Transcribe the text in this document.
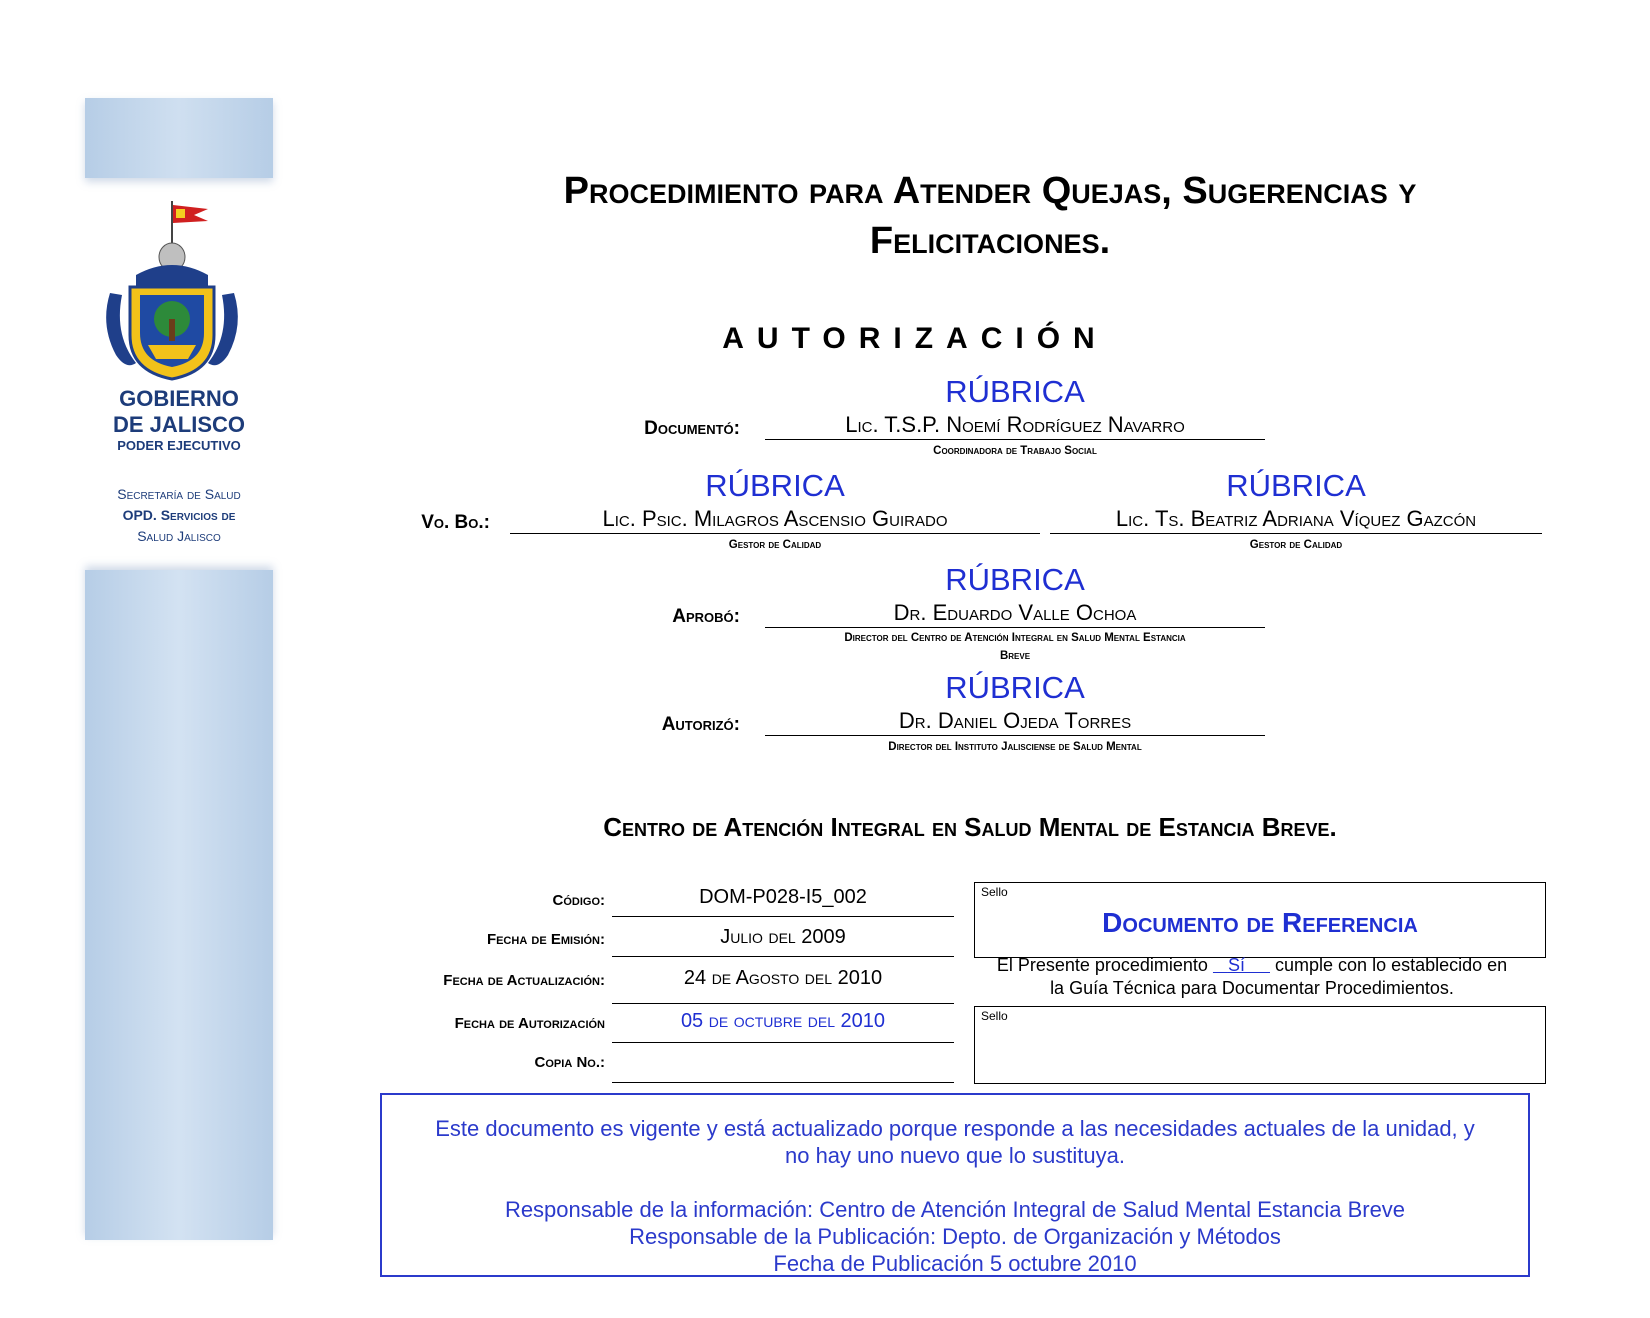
GOBIERNO
DE JALISCO
PODER EJECUTIVO
Secretaría de Salud
OPD. Servicios de
Salud Jalisco
Procedimiento para Atender Quejas, Sugerencias y
Felicitaciones.
AUTORIZACIÓN
RÚBRICA
Documentó:	Lic. T.S.P. Noemí Rodríguez Navarro
Coordinadora de Trabajo Social
RÚBRICA	RÚBRICA
Vo. Bo.:	Lic. Psic. Milagros Ascensio Guirado	Lic. Ts. Beatriz Adriana Víquez Gazcón
Gestor de Calidad	Gestor de Calidad
RÚBRICA
Aprobó:	Dr. Eduardo Valle Ochoa
Director del Centro de Atención Integral en Salud Mental Estancia
Breve
RÚBRICA
Autorizó:	Dr. Daniel Ojeda Torres
Director del Instituto Jalisciense de Salud Mental
Centro de Atención Integral en Salud Mental de Estancia Breve.
Código:	DOM-P028-I5_002
Fecha de Emisión:	Julio del 2009
Fecha de Actualización:	24 de Agosto del 2010
Fecha de Autorización	05 de octubre del 2010
Copia No.:
Sello
Documento de Referencia
El Presente procedimiento Sí cumple con lo establecido en
la Guía Técnica para Documentar Procedimientos.
Sello

Este documento es vigente y está actualizado porque responde a las necesidades actuales de la unidad, y

no hay uno nuevo que lo sustituya.

Responsable de la información: Centro de Atención Integral de Salud Mental Estancia Breve

Responsable de la Publicación: Depto. de Organización y Métodos

Fecha de Publicación 5 octubre 2010
